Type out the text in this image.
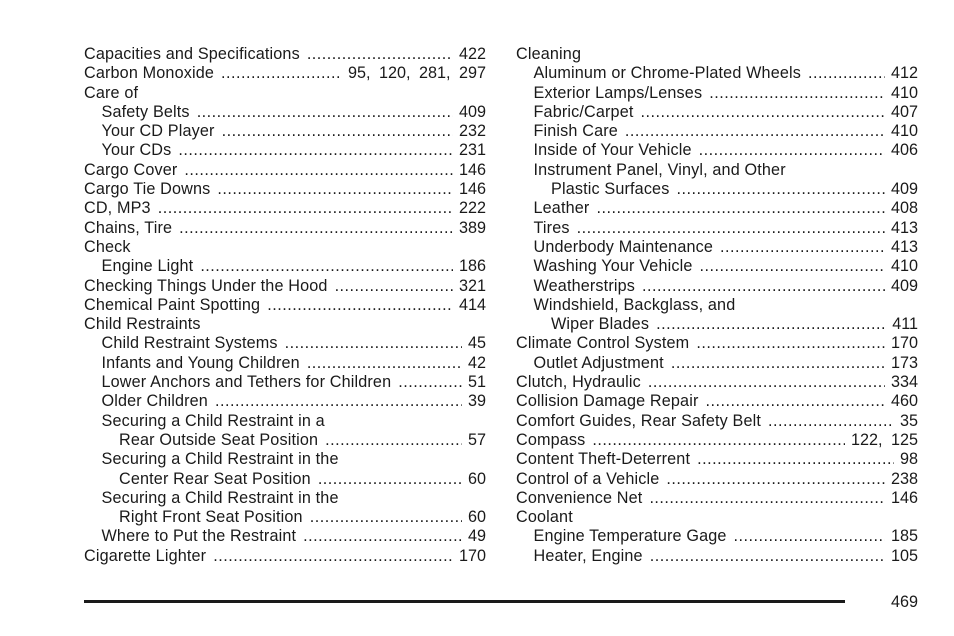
Capacities and Specifications .....	422
Carbon Monoxide .....	95, 120, 281, 297
Care of
Safety Belts .....	409
Your CD Player .....	232
Your CDs .....	231
Cargo Cover .....	146
Cargo Tie Downs .....	146
CD, MP3 .....	222
Chains, Tire .....	389
Check
Engine Light .....	186
Checking Things Under the Hood .....	321
Chemical Paint Spotting .....	414
Child Restraints
Child Restraint Systems .....	45
Infants and Young Children .....	42
Lower Anchors and Tethers for Children .....	51
Older Children .....	39
Securing a Child Restraint in a
Rear Outside Seat Position .....	57
Securing a Child Restraint in the
Center Rear Seat Position .....	60
Securing a Child Restraint in the
Right Front Seat Position .....	60
Where to Put the Restraint .....	49
Cigarette Lighter .....	170
Cleaning
Aluminum or Chrome-Plated Wheels .....	412
Exterior Lamps/Lenses .....	410
Fabric/Carpet .....	407
Finish Care .....	410
Inside of Your Vehicle .....	406
Instrument Panel, Vinyl, and Other
Plastic Surfaces .....	409
Leather .....	408
Tires .....	413
Underbody Maintenance .....	413
Washing Your Vehicle .....	410
Weatherstrips .....	409
Windshield, Backglass, and
Wiper Blades .....	411
Climate Control System .....	170
Outlet Adjustment .....	173
Clutch, Hydraulic .....	334
Collision Damage Repair .....	460
Comfort Guides, Rear Safety Belt .....	35
Compass .....	122, 125
Content Theft-Deterrent .....	98
Control of a Vehicle .....	238
Convenience Net .....	146
Coolant
Engine Temperature Gage .....	185
Heater, Engine .....	105
469
